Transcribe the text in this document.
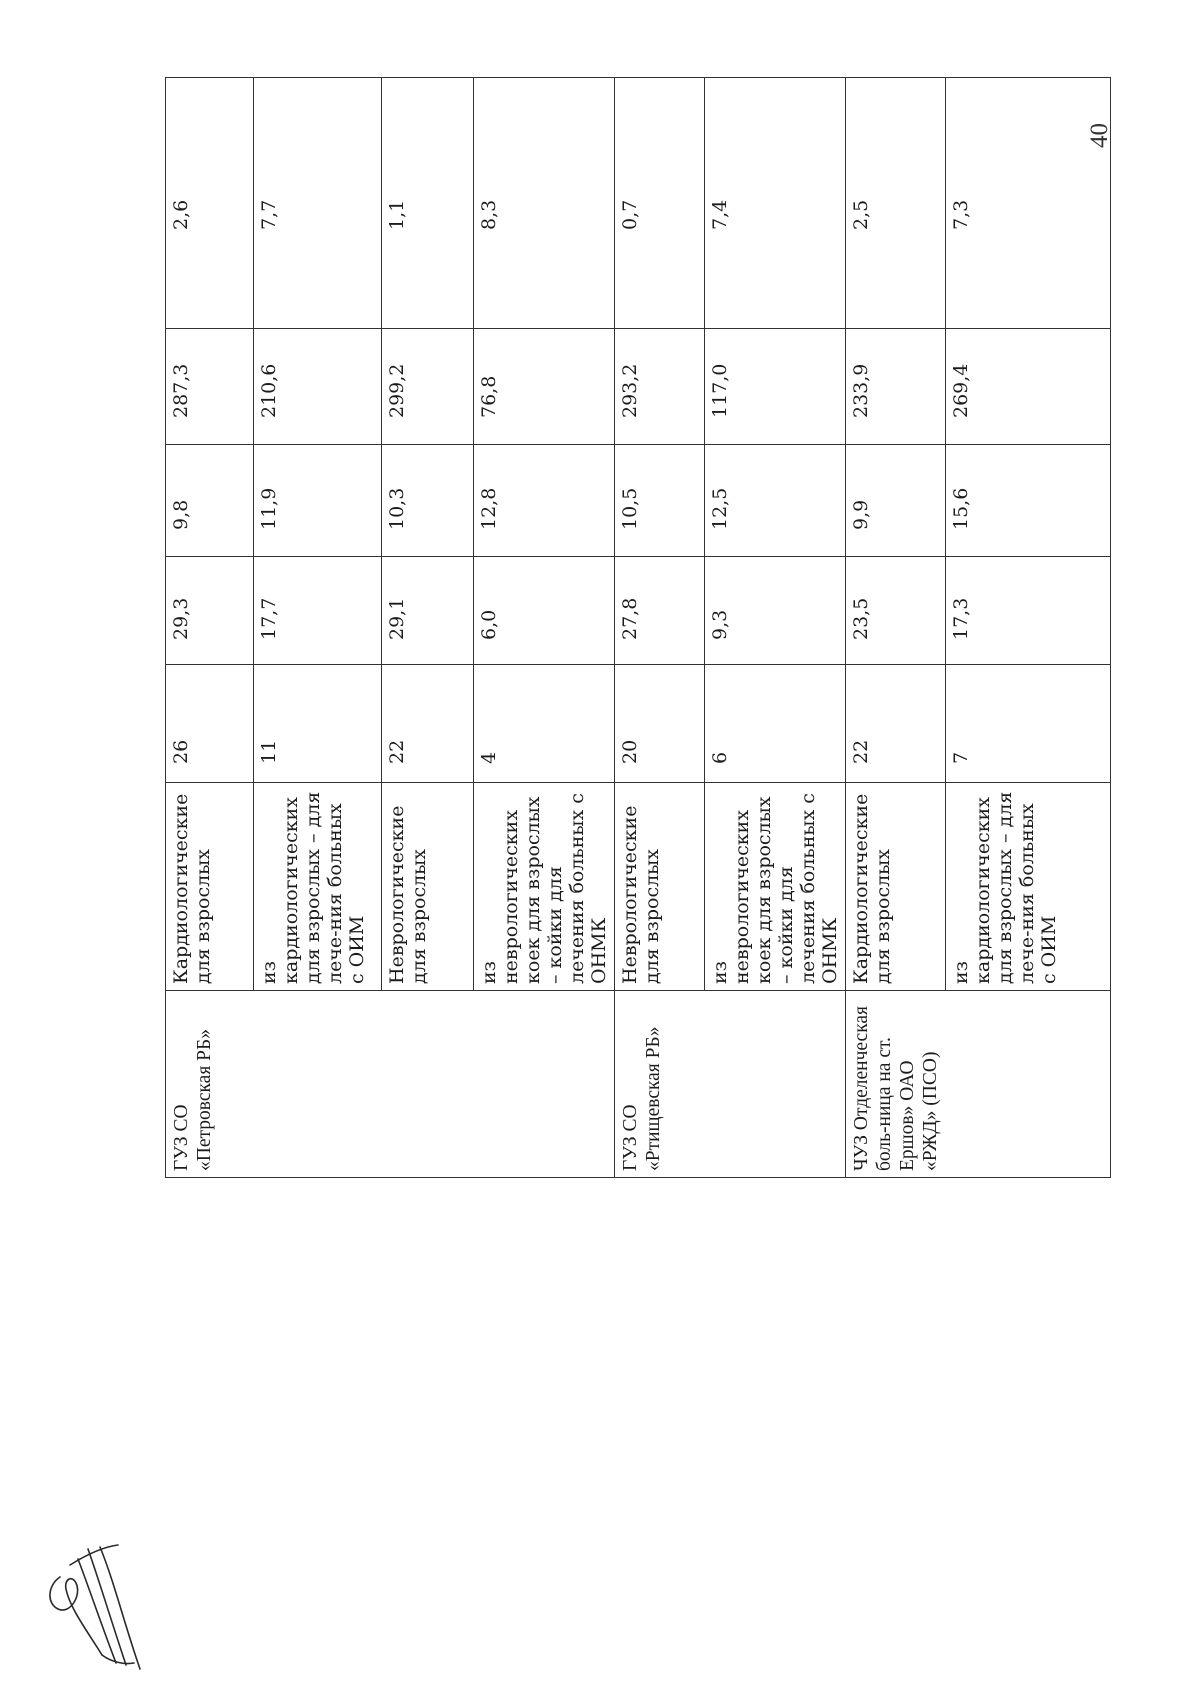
40
ГУЗ СО «Петровская РБ»	Кардиологические для взрослых	26	29,3	9,8	287,3	2,6
	из кардиологических для взрослых – для лече-ния больных с ОИМ	11	17,7	11,9	210,6	7,7
	Неврологические для взрослых	22	29,1	10,3	299,2	1,1
	из неврологических коек для взрослых – койки для лечения больных с ОНМК	4	6,0	12,8	76,8	8,3
ГУЗ СО «Ртищевская РБ»	Неврологические для взрослых	20	27,8	10,5	293,2	0,7
	из неврологических коек для взрослых – койки для лечения больных с ОНМК	6	9,3	12,5	117,0	7,4
ЧУЗ Отделенческая боль-ница на ст. Ершов» ОАО «РЖД» (ПСО)	Кардиологические для взрослых	22	23,5	9,9	233,9	2,5
	из кардиологических для взрослых – для лече-ния больных с ОИМ	7	17,3	15,6	269,4	7,3
